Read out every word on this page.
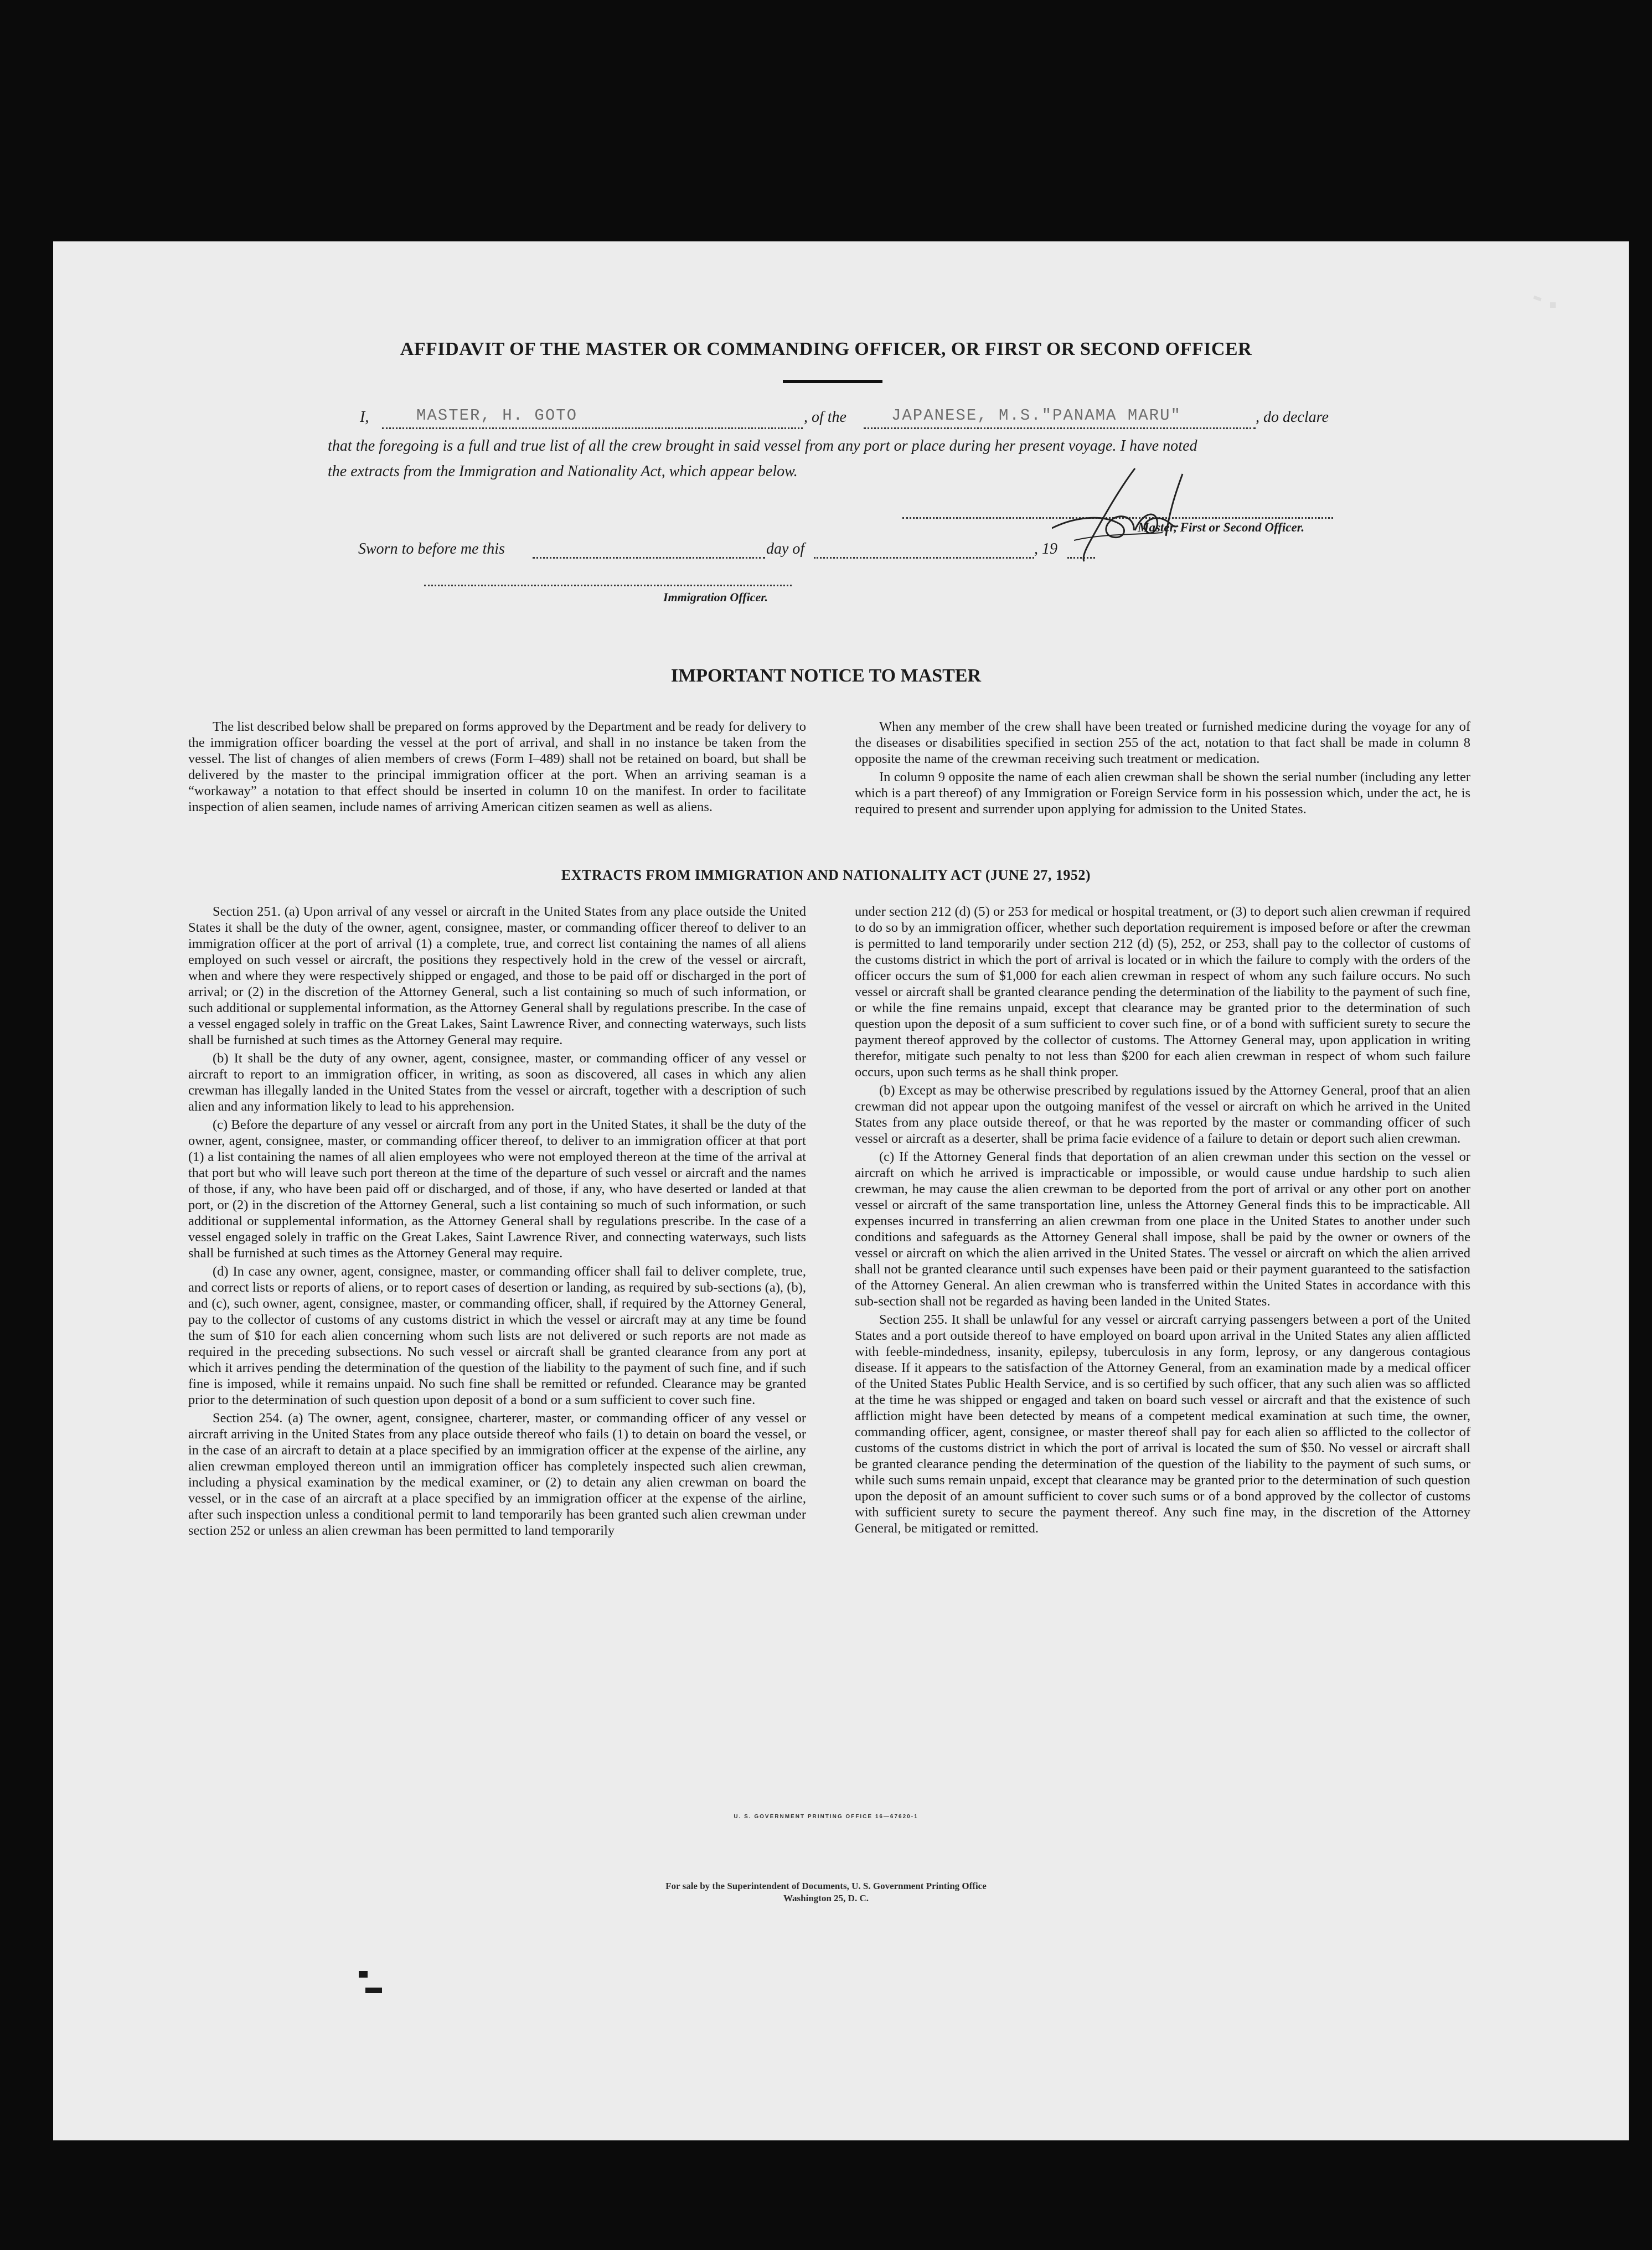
AFFIDAVIT OF THE MASTER OR COMMANDING OFFICER, OR FIRST OR SECOND OFFICER
I,	MASTER, H. GOTO	, of the	JAPANESE, M.S."PANAMA MARU"	, do declare
that the foregoing is a full and true list of all the crew brought in said vessel from any port or place during her present voyage. I have noted
the extracts from the Immigration and Nationality Act, which appear below.
Master, First or Second Officer.
Sworn to before me this	day of	, 19
Immigration Officer.
IMPORTANT NOTICE TO MASTER

The list described below shall be prepared on forms approved by the Department and be ready for delivery to the immigration officer boarding the vessel at the port of arrival, and shall in no instance be taken from the vessel. The list of changes of alien members of crews (Form I–489) shall not be retained on board, but shall be delivered by the master to the principal immigration officer at the port. When an arriving seaman is a “workaway” a notation to that effect should be inserted in column 10 on the manifest. In order to facilitate inspection of alien seamen, include names of arriving American citizen seamen as well as aliens.

When any member of the crew shall have been treated or furnished medicine during the voyage for any of the diseases or disabilities specified in section 255 of the act, notation to that fact shall be made in column 8 opposite the name of the crewman receiving such treatment or medication.

In column 9 opposite the name of each alien crewman shall be shown the serial number (including any letter which is a part thereof) of any Immigration or Foreign Service form in his possession which, under the act, he is required to present and surrender upon applying for admission to the United States.

EXTRACTS FROM IMMIGRATION AND NATIONALITY ACT (JUNE 27, 1952)

Section 251. (a) Upon arrival of any vessel or aircraft in the United States from any place outside the United States it shall be the duty of the owner, agent, consignee, master, or commanding officer thereof to deliver to an immigration officer at the port of arrival (1) a complete, true, and correct list containing the names of all aliens employed on such vessel or aircraft, the positions they respectively hold in the crew of the vessel or aircraft, when and where they were respectively shipped or engaged, and those to be paid off or discharged in the port of arrival; or (2) in the discretion of the Attorney General, such a list containing so much of such information, or such additional or supplemental information, as the Attorney General shall by regulations prescribe. In the case of a vessel engaged solely in traffic on the Great Lakes, Saint Lawrence River, and connecting waterways, such lists shall be furnished at such times as the Attorney General may require.

(b) It shall be the duty of any owner, agent, consignee, master, or commanding officer of any vessel or aircraft to report to an immigration officer, in writing, as soon as discovered, all cases in which any alien crewman has illegally landed in the United States from the vessel or aircraft, together with a description of such alien and any information likely to lead to his apprehension.

(c) Before the departure of any vessel or aircraft from any port in the United States, it shall be the duty of the owner, agent, consignee, master, or commanding officer thereof, to deliver to an immigration officer at that port (1) a list containing the names of all alien employees who were not employed thereon at the time of the arrival at that port but who will leave such port thereon at the time of the departure of such vessel or aircraft and the names of those, if any, who have been paid off or discharged, and of those, if any, who have deserted or landed at that port, or (2) in the discretion of the Attorney General, such a list containing so much of such information, or such additional or supplemental information, as the Attorney General shall by regulations prescribe. In the case of a vessel engaged solely in traffic on the Great Lakes, Saint Lawrence River, and connecting waterways, such lists shall be furnished at such times as the Attorney General may require.

(d) In case any owner, agent, consignee, master, or commanding officer shall fail to deliver complete, true, and correct lists or reports of aliens, or to report cases of desertion or landing, as required by sub-sections (a), (b), and (c), such owner, agent, consignee, master, or commanding officer, shall, if required by the Attorney General, pay to the collector of customs of any customs district in which the vessel or aircraft may at any time be found the sum of $10 for each alien concerning whom such lists are not delivered or such reports are not made as required in the preceding subsections. No such vessel or aircraft shall be granted clearance from any port at which it arrives pending the determination of the question of the liability to the payment of such fine, and if such fine is imposed, while it remains unpaid. No such fine shall be remitted or refunded. Clearance may be granted prior to the determination of such question upon deposit of a bond or a sum sufficient to cover such fine.

Section 254. (a) The owner, agent, consignee, charterer, master, or commanding officer of any vessel or aircraft arriving in the United States from any place outside thereof who fails (1) to detain on board the vessel, or in the case of an aircraft to detain at a place specified by an immigration officer at the expense of the airline, any alien crewman employed thereon until an immigration officer has completely inspected such alien crewman, including a physical examination by the medical examiner, or (2) to detain any alien crewman on board the vessel, or in the case of an aircraft at a place specified by an immigration officer at the expense of the airline, after such inspection unless a conditional permit to land temporarily has been granted such alien crewman under section 252 or unless an alien crewman has been permitted to land temporarily

under section 212 (d) (5) or 253 for medical or hospital treatment, or (3) to deport such alien crewman if required to do so by an immigration officer, whether such deportation requirement is imposed before or after the crewman is permitted to land temporarily under section 212 (d) (5), 252, or 253, shall pay to the collector of customs of the customs district in which the port of arrival is located or in which the failure to comply with the orders of the officer occurs the sum of $1,000 for each alien crewman in respect of whom any such failure occurs. No such vessel or aircraft shall be granted clearance pending the determination of the liability to the payment of such fine, or while the fine remains unpaid, except that clearance may be granted prior to the determination of such question upon the deposit of a sum sufficient to cover such fine, or of a bond with sufficient surety to secure the payment thereof approved by the collector of customs. The Attorney General may, upon application in writing therefor, mitigate such penalty to not less than $200 for each alien crewman in respect of whom such failure occurs, upon such terms as he shall think proper.

(b) Except as may be otherwise prescribed by regulations issued by the Attorney General, proof that an alien crewman did not appear upon the outgoing manifest of the vessel or aircraft on which he arrived in the United States from any place outside thereof, or that he was reported by the master or commanding officer of such vessel or aircraft as a deserter, shall be prima facie evidence of a failure to detain or deport such alien crewman.

(c) If the Attorney General finds that deportation of an alien crewman under this section on the vessel or aircraft on which he arrived is impracticable or impossible, or would cause undue hardship to such alien crewman, he may cause the alien crewman to be deported from the port of arrival or any other port on another vessel or aircraft of the same transportation line, unless the Attorney General finds this to be impracticable. All expenses incurred in transferring an alien crewman from one place in the United States to another under such conditions and safeguards as the Attorney General shall impose, shall be paid by the owner or owners of the vessel or aircraft on which the alien arrived in the United States. The vessel or aircraft on which the alien arrived shall not be granted clearance until such expenses have been paid or their payment guaranteed to the satisfaction of the Attorney General. An alien crewman who is transferred within the United States in accordance with this sub-section shall not be regarded as having been landed in the United States.

Section 255. It shall be unlawful for any vessel or aircraft carrying passengers between a port of the United States and a port outside thereof to have employed on board upon arrival in the United States any alien afflicted with feeble-mindedness, insanity, epilepsy, tuberculosis in any form, leprosy, or any dangerous contagious disease. If it appears to the satisfaction of the Attorney General, from an examination made by a medical officer of the United States Public Health Service, and is so certified by such officer, that any such alien was so afflicted at the time he was shipped or engaged and taken on board such vessel or aircraft and that the existence of such affliction might have been detected by means of a competent medical examination at such time, the owner, commanding officer, agent, consignee, or master thereof shall pay for each alien so afflicted to the collector of customs of the customs district in which the port of arrival is located the sum of $50. No vessel or aircraft shall be granted clearance pending the determination of the question of the liability to the payment of such sums, or while such sums remain unpaid, except that clearance may be granted prior to the determination of such question upon the deposit of an amount sufficient to cover such sums or of a bond approved by the collector of customs with sufficient surety to secure the payment thereof. Any such fine may, in the discretion of the Attorney General, be mitigated or remitted.

U. S. GOVERNMENT PRINTING OFFICE 16—67620-1
For sale by the Superintendent of Documents, U. S. Government Printing Office
Washington 25, D. C.
